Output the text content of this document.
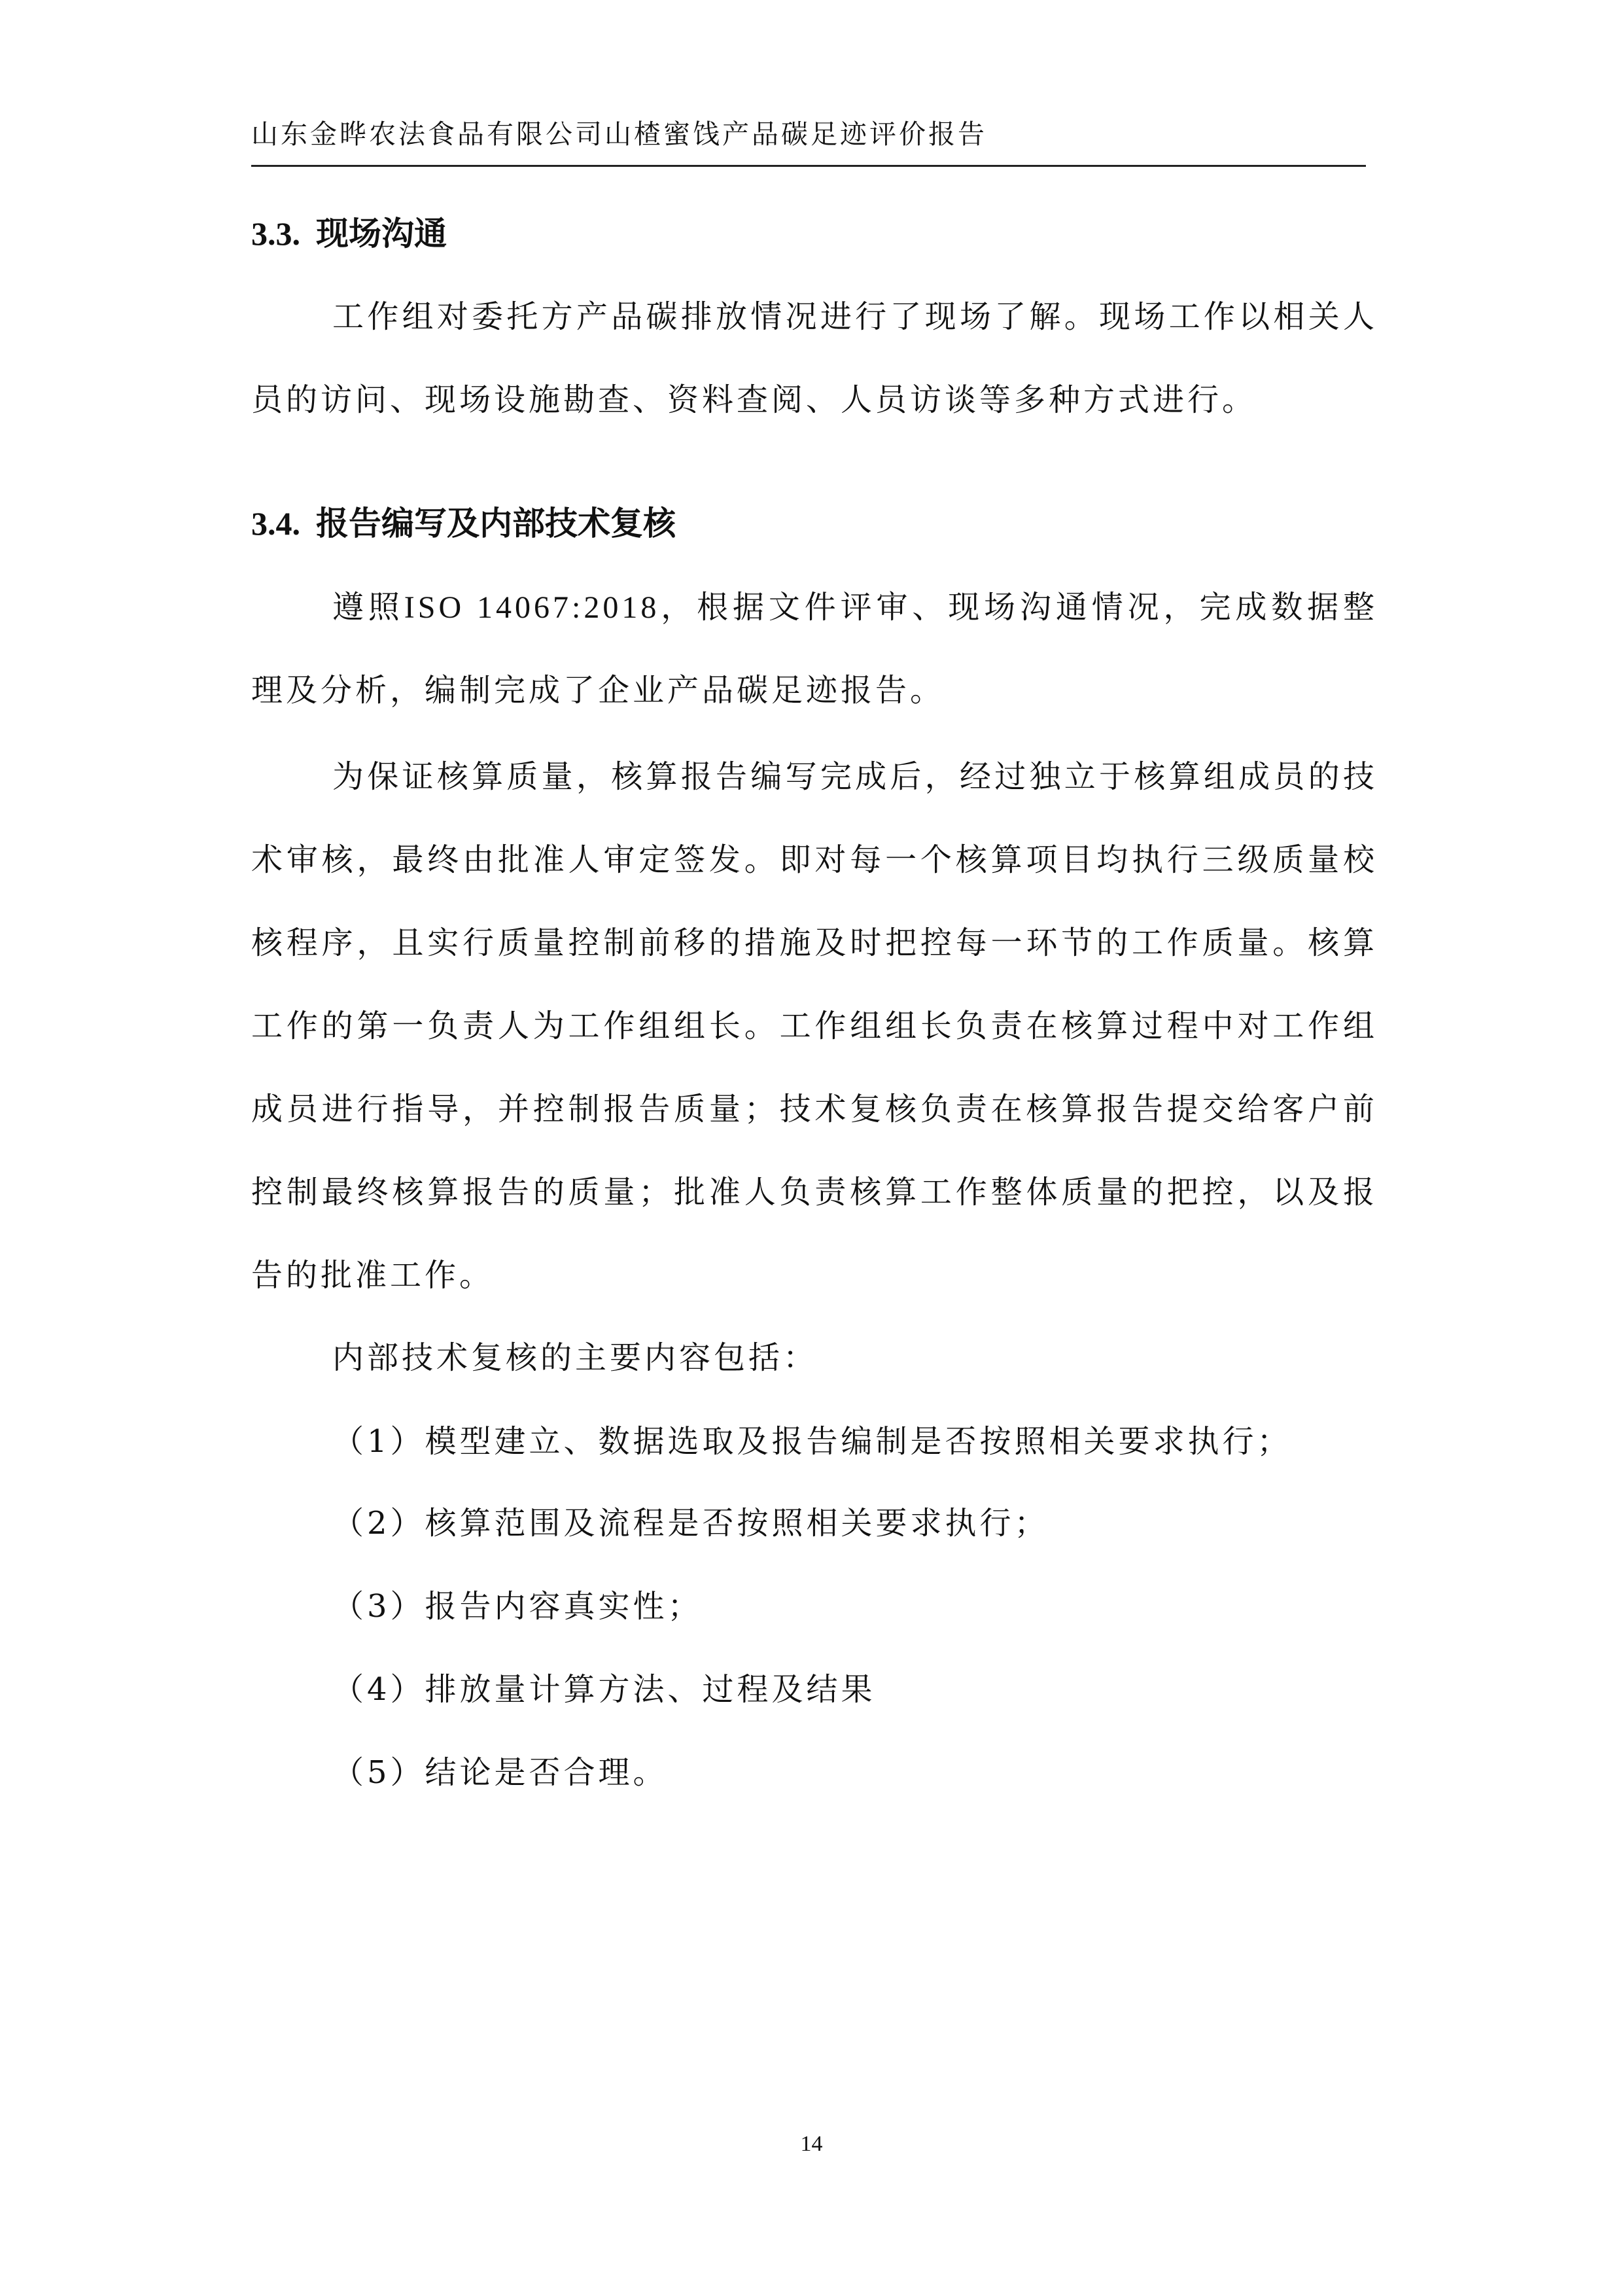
山东金晔农法食品有限公司山楂蜜饯产品碳足迹评价报告
3.3. 现场沟通

工作组对委托方产品碳排放情况进行了现场了解。现场工作以相关人员的访问、现场设施勘查、资料查阅、人员访谈等多种方式进行。

3.4. 报告编写及内部技术复核

遵照ISO 14067:2018，根据文件评审、现场沟通情况，完成数据整理及分析，编制完成了企业产品碳足迹报告。

为保证核算质量，核算报告编写完成后，经过独立于核算组成员的技术审核，最终由批准人审定签发。即对每一个核算项目均执行三级质量校核程序，且实行质量控制前移的措施及时把控每一环节的工作质量。核算工作的第一负责人为工作组组长。工作组组长负责在核算过程中对工作组成员进行指导，并控制报告质量；技术复核负责在核算报告提交给客户前控制最终核算报告的质量；批准人负责核算工作整体质量的把控，以及报告的批准工作。

内部技术复核的主要内容包括：
（1）模型建立、数据选取及报告编制是否按照相关要求执行；
（2）核算范围及流程是否按照相关要求执行；
（3）报告内容真实性；
（4）排放量计算方法、过程及结果
（5）结论是否合理。
14
